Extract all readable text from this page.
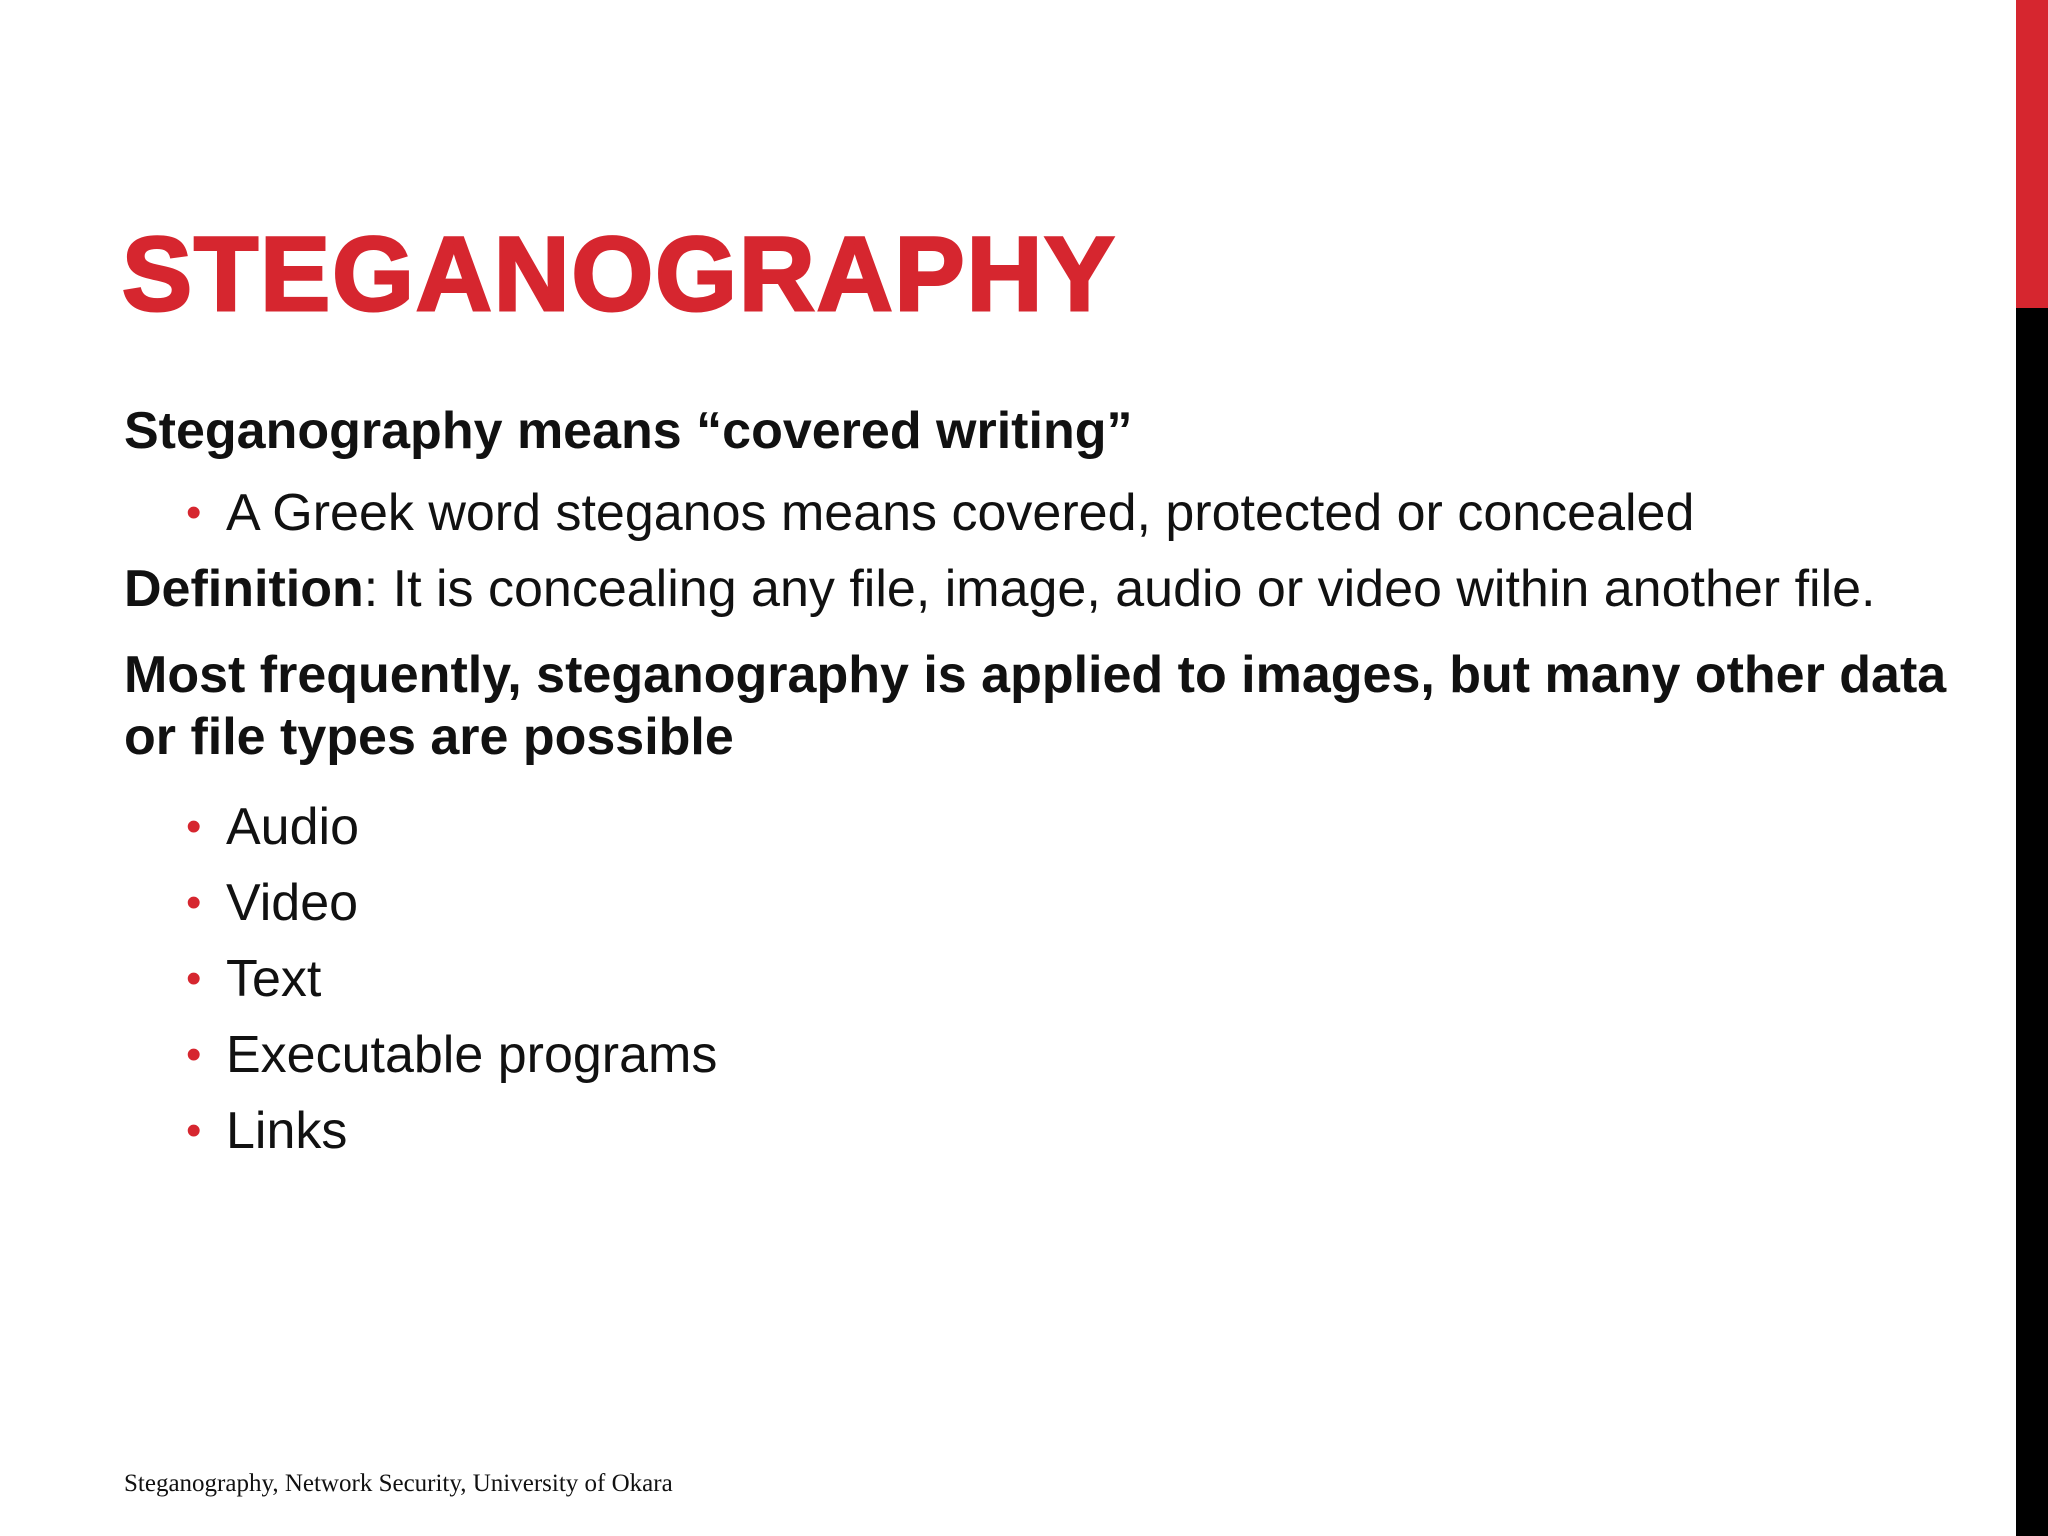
STEGANOGRAPHY

Steganography means “covered writing”

• A Greek word steganos means covered, protected or concealed

Definition: It is concealing any file, image, audio or video within another file.

Most frequently, steganography is applied to images, but many other data or file types are possible

• Audio
• Video
• Text
• Executable programs
• Links
Steganography, Network Security, University of Okara
